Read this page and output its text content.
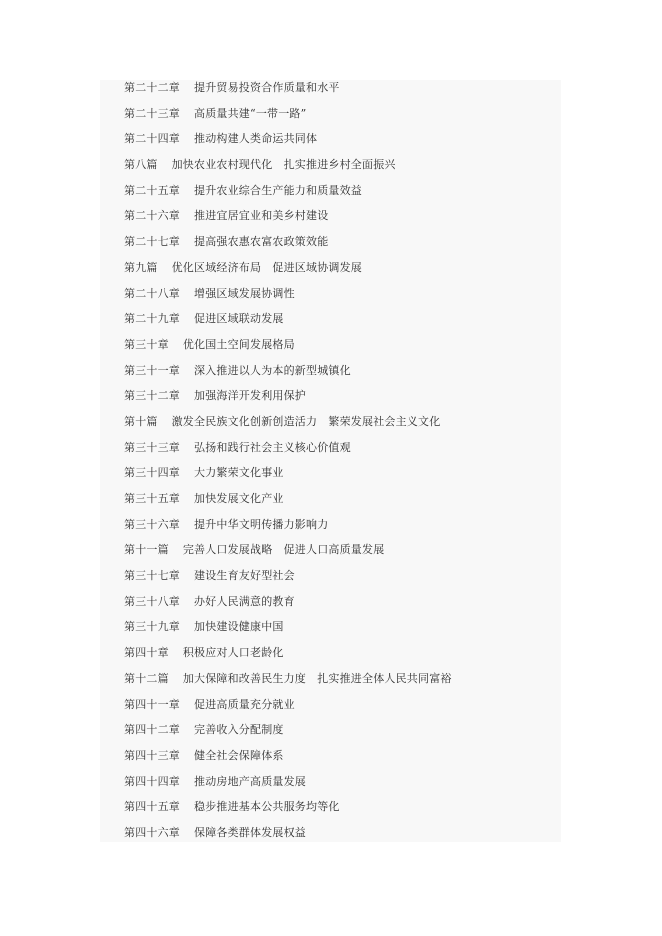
第二十二章 提升贸易投资合作质量和水平
第二十三章 高质量共建“一带一路”
第二十四章 推动构建人类命运共同体
第八篇 加快农业农村现代化　扎实推进乡村全面振兴
第二十五章 提升农业综合生产能力和质量效益
第二十六章 推进宜居宜业和美乡村建设
第二十七章 提高强农惠农富农政策效能
第九篇 优化区域经济布局　促进区域协调发展
第二十八章 增强区域发展协调性
第二十九章 促进区域联动发展
第三十章 优化国土空间发展格局
第三十一章 深入推进以人为本的新型城镇化
第三十二章 加强海洋开发利用保护
第十篇 激发全民族文化创新创造活力　繁荣发展社会主义文化
第三十三章 弘扬和践行社会主义核心价值观
第三十四章 大力繁荣文化事业
第三十五章 加快发展文化产业
第三十六章 提升中华文明传播力影响力
第十一篇 完善人口发展战略　促进人口高质量发展
第三十七章 建设生育友好型社会
第三十八章 办好人民满意的教育
第三十九章 加快建设健康中国
第四十章 积极应对人口老龄化
第十二篇 加大保障和改善民生力度　扎实推进全体人民共同富裕
第四十一章 促进高质量充分就业
第四十二章 完善收入分配制度
第四十三章 健全社会保障体系
第四十四章 推动房地产高质量发展
第四十五章 稳步推进基本公共服务均等化
第四十六章 保障各类群体发展权益
